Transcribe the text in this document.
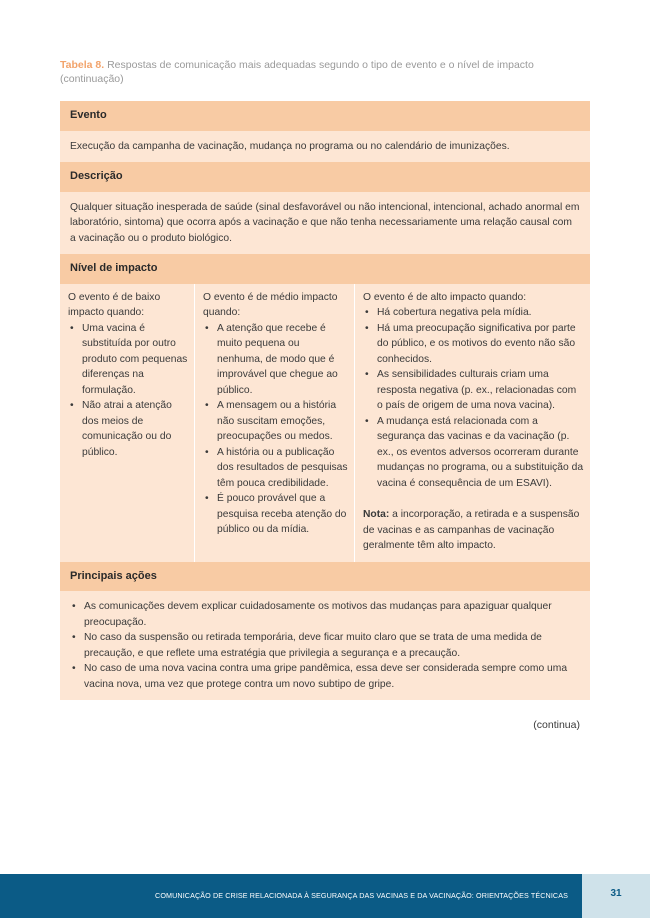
Tabela 8. Respostas de comunicação mais adequadas segundo o tipo de evento e o nível de impacto (continuação)
Evento
Execução da campanha de vacinação, mudança no programa ou no calendário de imunizações.
Descrição
Qualquer situação inesperada de saúde (sinal desfavorável ou não intencional, intencional, achado anormal em laboratório, sintoma) que ocorra após a vacinação e que não tenha necessariamente uma relação causal com a vacinação ou o produto biológico.
Nível de impacto
O evento é de baixo impacto quando:
• Uma vacina é substituída por outro produto com pequenas diferenças na formulação.
• Não atrai a atenção dos meios de comunicação ou do público.
O evento é de médio impacto quando:
• A atenção que recebe é muito pequena ou nenhuma, de modo que é improvável que chegue ao público.
• A mensagem ou a história não suscitam emoções, preocupações ou medos.
• A história ou a publicação dos resultados de pesquisas têm pouca credibilidade.
• É pouco provável que a pesquisa receba atenção do público ou da mídia.
O evento é de alto impacto quando:
• Há cobertura negativa pela mídia.
• Há uma preocupação significativa por parte do público, e os motivos do evento não são conhecidos.
• As sensibilidades culturais criam uma resposta negativa (p. ex., relacionadas com o país de origem de uma nova vacina).
• A mudança está relacionada com a segurança das vacinas e da vacinação (p. ex., os eventos adversos ocorreram durante mudanças no programa, ou a substituição da vacina é consequência de um ESAVI).
Nota: a incorporação, a retirada e a suspensão de vacinas e as campanhas de vacinação geralmente têm alto impacto.
Principais ações
• As comunicações devem explicar cuidadosamente os motivos das mudanças para apaziguar qualquer preocupação.
• No caso da suspensão ou retirada temporária, deve ficar muito claro que se trata de uma medida de precaução, e que reflete uma estratégia que privilegia a segurança e a precaução.
• No caso de uma nova vacina contra uma gripe pandêmica, essa deve ser considerada sempre como uma vacina nova, uma vez que protege contra um novo subtipo de gripe.
(continua)
COMUNICAÇÃO DE CRISE RELACIONADA À SEGURANÇA DAS VACINAS E DA VACINAÇÃO: ORIENTAÇÕES TÉCNICAS	31
